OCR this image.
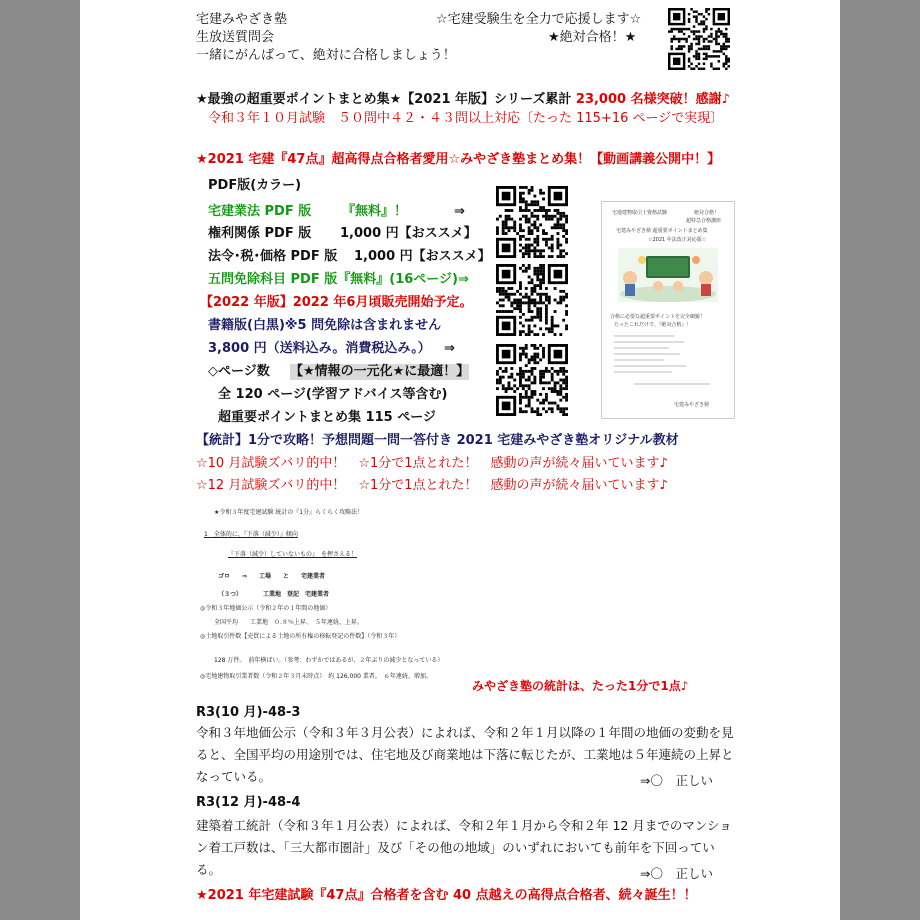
宅建みやざき塾
生放送質問会
一緒にがんばって、絶対に合格しましょう！
☆宅建受験生を全力で応援します☆
★絶対合格！★
★最強の超重要ポイントまとめ集★【2021 年版】シリーズ累計 23,000 名様突破！感謝♪
令和３年１０月試験　５０問中４２・４３問以上対応〔たった 115+16 ページで実現〕
★2021 宅建『47点』超高得点合格者愛用☆みやざき塾まとめ集！【動画講義公開中！】
PDF版(カラー)
宅建業法 PDF 版 『無料』！	⇒
権利関係 PDF 版 1,000 円【おススメ】
法令･税･価格 PDF 版 1,000 円【おススメ】
五問免除科目 PDF 版『無料』(16ページ)⇒
【2022 年版】2022 年6月頃販売開始予定。
書籍版(白黒)※5 問免除は含まれません
3,800 円（送料込み。消費税込み。） ⇒
◇ページ数 【★情報の一元化★に最適！】
全 120 ページ(学習アドバイス等含む)
超重要ポイントまとめ集 115 ページ
宅地建物取引士資格試験	絶対合格！
超特急合格講座
宅建みやざき塾 超重要ポイントまとめ集
☆2021 年法改正対応版☆
合格に必要な超重要ポイントを完全網羅！
たったこれだけで、『絶対合格』！
宅建みやざき塾
【統計】1分で攻略！予想問題一問一答付き 2021 宅建みやざき塾オリジナル教材
☆10 月試験ズバリ的中！　☆1分で1点とれた！　感動の声が続々届いています♪
☆12 月試験ズバリ的中！　☆1分で1点とれた！　感動の声が続々届いています♪
★令和３年度宅建試験 統計の『1分』らくらく攻略法！
1　全体的に、『下落（減少）』傾向
『下落（減少）していないもの』　を押さえる！
ゴロ　　⇒　　工場　　と　　宅建業者
（３つ）　　　　工業地　登記　宅建業者
◎令和３年地価公示（令和２年の１年間の地価）
全国平均　　工業地　０.８％上昇、　５年連続、上昇。
◎土地取引件数【売買による土地の所有権の移転登記の件数】（令和３年）
128 万件。　前年横ばい。（参考：わずかではあるが、２年ぶりの減少となっている）
◎宅地建物取引業者数（令和２年３月末時点）　約 126,000 業者。　６年連続、増加。
みやざき塾の統計は、たった1分で1点♪
R3(10 月)-48-3
令和３年地価公示（令和３年３月公表）によれば、令和２年１月以降の１年間の地価の変動を見ると、全国平均の用途別では、住宅地及び商業地は下落に転じたが、工業地は５年連続の上昇となっている。	⇒〇　正しい
R3(12 月)-48-4
建築着工統計（令和３年１月公表）によれば、令和２年１月から令和２年 12 月までのマンション着工戸数は、「三大都市圏計」及び「その他の地域」のいずれにおいても前年を下回っている。	⇒〇　正しい
★2021 年宅建試験『47点』合格者を含む 40 点越えの高得点合格者、続々誕生！！
